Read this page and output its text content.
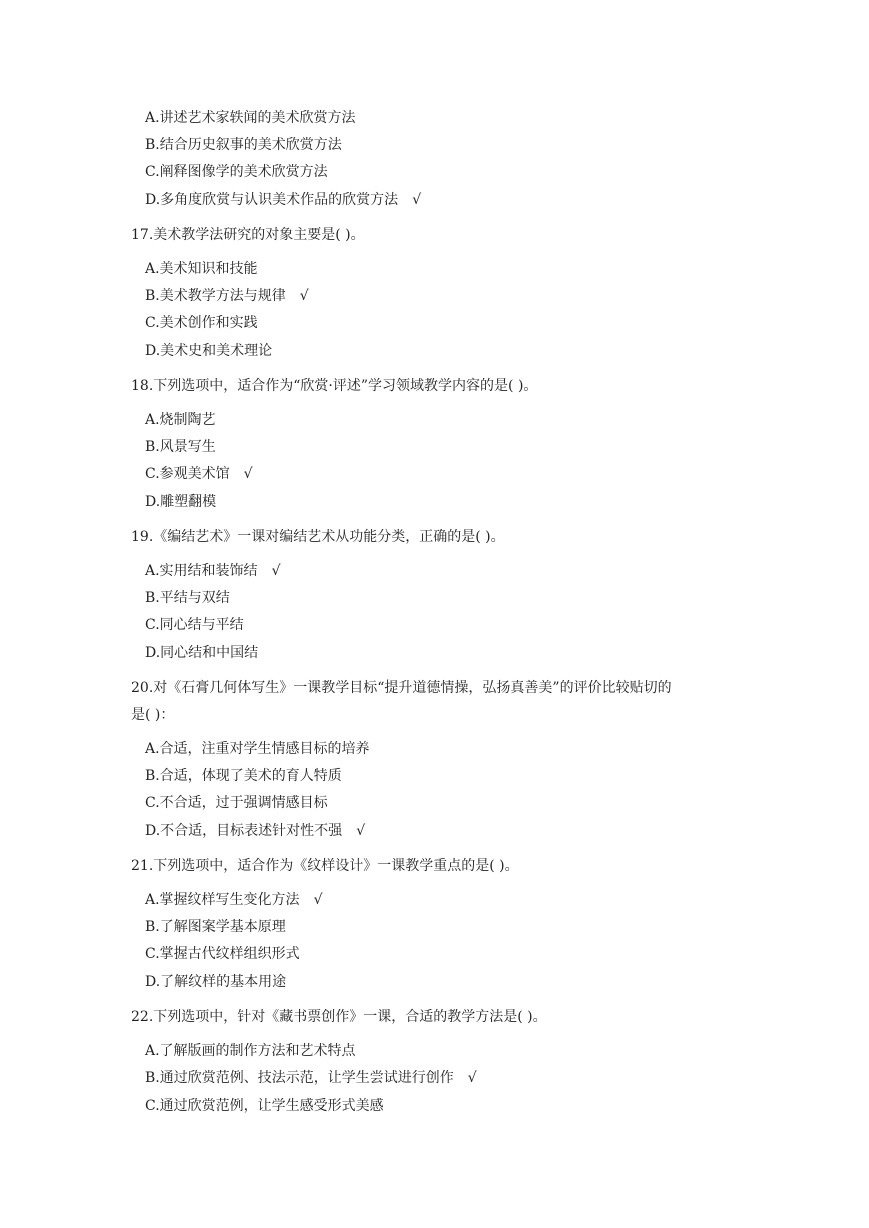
A.讲述艺术家轶闻的美术欣赏方法
B.结合历史叙事的美术欣赏方法
C.阐释图像学的美术欣赏方法
D.多角度欣赏与认识美术作品的欣赏方法 √
17.美术教学法研究的对象主要是( )。
A.美术知识和技能
B.美术教学方法与规律 √
C.美术创作和实践
D.美术史和美术理论
18.下列选项中，适合作为“欣赏·评述”学习领域教学内容的是( )。
A.烧制陶艺
B.风景写生
C.参观美术馆 √
D.雕塑翻模
19.《编结艺术》一课对编结艺术从功能分类，正确的是( )。
A.实用结和装饰结 √
B.平结与双结
C.同心结与平结
D.同心结和中国结
20.对《石膏几何体写生》一课教学目标“提升道德情操，弘扬真善美”的评价比较贴切的
是( )：
A.合适，注重对学生情感目标的培养
B.合适，体现了美术的育人特质
C.不合适，过于强调情感目标
D.不合适，目标表述针对性不强 √
21.下列选项中，适合作为《纹样设计》一课教学重点的是( )。
A.掌握纹样写生变化方法 √
B.了解图案学基本原理
C.掌握古代纹样组织形式
D.了解纹样的基本用途
22.下列选项中，针对《藏书票创作》一课，合适的教学方法是( )。
A.了解版画的制作方法和艺术特点
B.通过欣赏范例、技法示范，让学生尝试进行创作 √
C.通过欣赏范例，让学生感受形式美感
